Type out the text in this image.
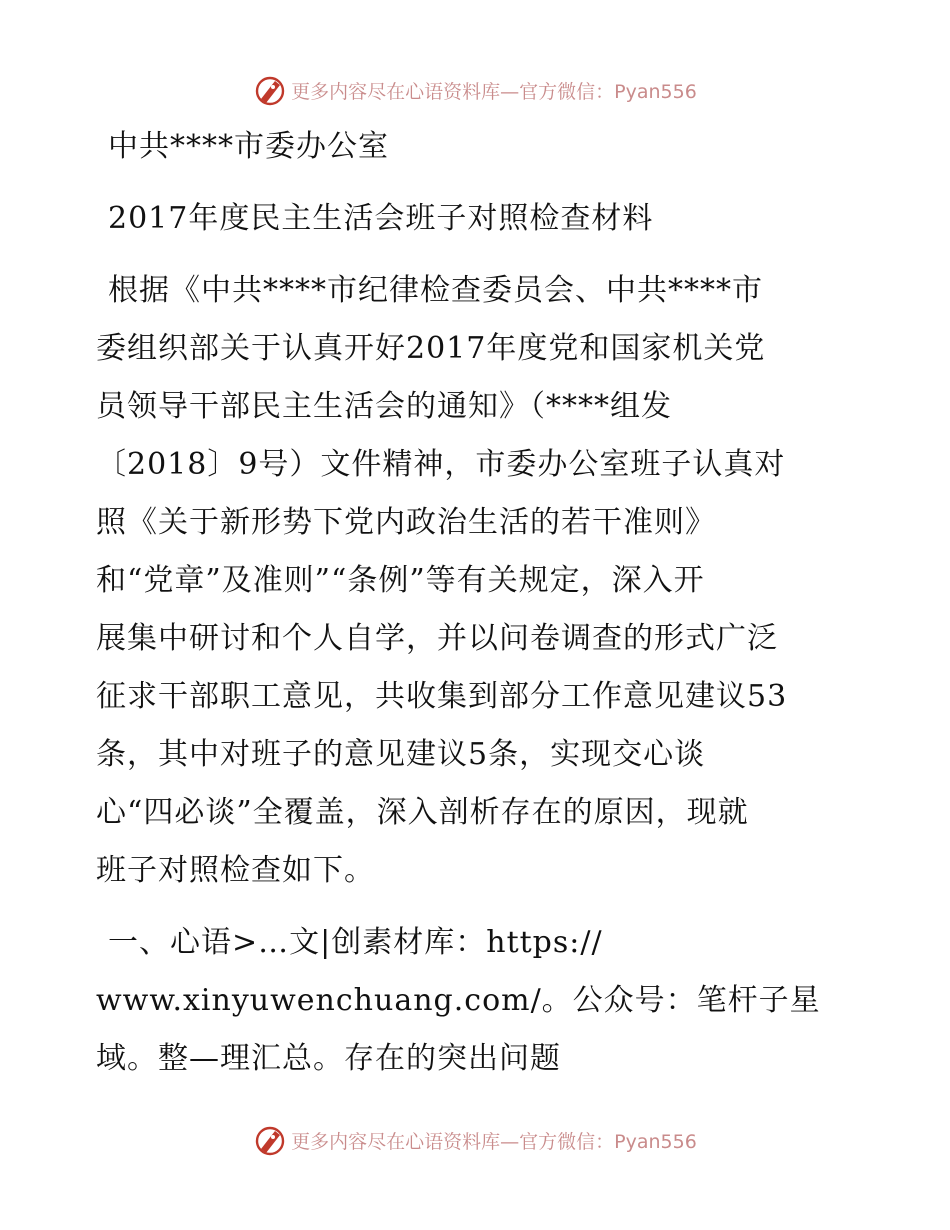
更多内容尽在心语资料库—官方微信：Pyan556
中共****市委办公室
2017年度民主生活会班子对照检查材料
根据《中共****市纪律检查委员会、中共****市
委组织部关于认真开好2017年度党和国家机关党
员领导干部民主生活会的通知》（****组发
〔2018〕9号）文件精神，市委办公室班子认真对
照《关于新形势下党内政治生活的若干准则》
和“党章”及准则”“条例”等有关规定，深入开
展集中研讨和个人自学，并以问卷调查的形式广泛
征求干部职工意见，共收集到部分工作意见建议53
条，其中对班子的意见建议5条，实现交心谈
心“四必谈”全覆盖，深入剖析存在的原因，现就
班子对照检查如下。
一、心语>…文|创素材库：https://
www.xinyuwenchuang.com/。公众号：笔杆子星
域。整—理汇总。存在的突出问题
更多内容尽在心语资料库—官方微信：Pyan556
